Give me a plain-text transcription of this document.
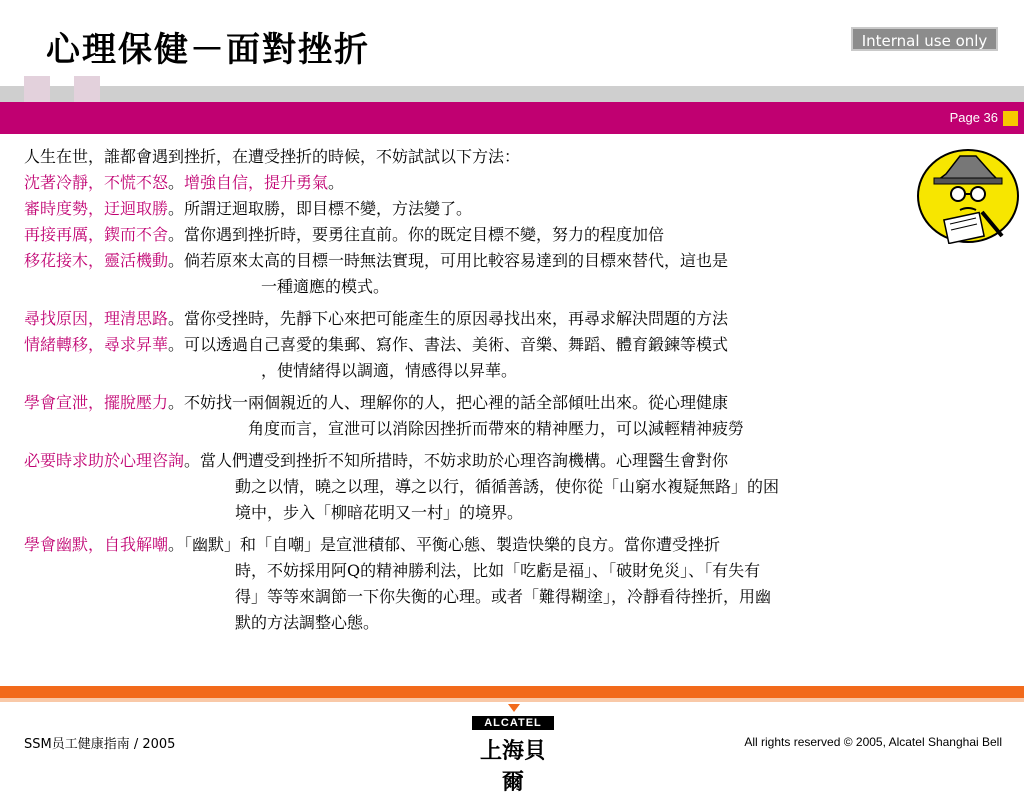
心理保健－面對挫折	Internal use only
Page 36
人生在世，誰都會遇到挫折，在遭受挫折的時候，不妨試試以下方法：
沈著冷靜，不慌不怒。增強自信，提升勇氣。
審時度勢，迂迴取勝。所謂迂迴取勝，即目標不變，方法變了。
再接再厲，鍥而不舍。當你遇到挫折時，要勇往直前。你的既定目標不變，努力的程度加倍
移花接木，靈活機動。倘若原來太高的目標一時無法實現，可用比較容易達到的目標來替代，這也是
一種適應的模式。
尋找原因，理清思路。當你受挫時，先靜下心來把可能產生的原因尋找出來，再尋求解決問題的方法
情緒轉移，尋求昇華。可以透過自己喜愛的集郵、寫作、書法、美術、音樂、舞蹈、體育鍛鍊等模式
，使情緒得以調適，情感得以昇華。
學會宣泄，擺脫壓力。不妨找一兩個親近的人、理解你的人，把心裡的話全部傾吐出來。從心理健康
角度而言，宣泄可以消除因挫折而帶來的精神壓力，可以減輕精神疲勞
必要時求助於心理咨詢。當人們遭受到挫折不知所措時，不妨求助於心理咨詢機構。心理醫生會對你
動之以情，曉之以理，導之以行，循循善誘，使你從「山窮水複疑無路」的困
境中，步入「柳暗花明又一村」的境界。
學會幽默，自我解嘲。「幽默」和「自嘲」是宣泄積郁、平衡心態、製造快樂的良方。當你遭受挫折
時，不妨採用阿Q的精神勝利法，比如「吃虧是福」、「破財免災」、「有失有
得」等等來調節一下你失衡的心理。或者「難得糊塗」，冷靜看待挫折，用幽
默的方法調整心態。
SSM员工健康指南 / 2005
ALCATEL
上海貝爾
All rights reserved © 2005, Alcatel Shanghai Bell
